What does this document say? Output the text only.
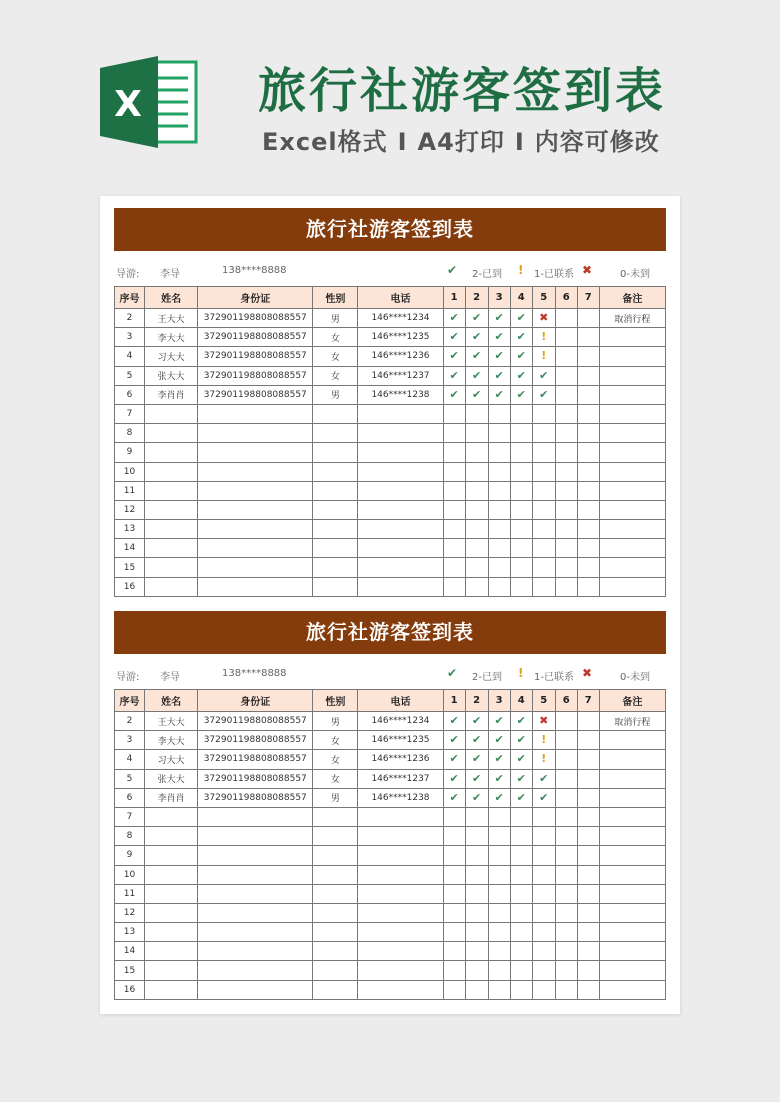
X 旅行社游客签到表
Excel格式 I A4打印 I 内容可修改
旅行社游客签到表
导游: 李导	138****8888	✔ 2-已到 ! 1-已联系 ✖	0-未到
序号	姓名	身份证	性别	电话	1	2	3	4	5	6	7	备注
2	王大大	372901198808088557	男	146****1234	✔	✔	✔	✔	✖			取消行程
3	李大大	372901198808088557	女	146****1235	✔	✔	✔	✔	!			
4	习大大	372901198808088557	女	146****1236	✔	✔	✔	✔	!			
5	张大大	372901198808088557	女	146****1237	✔	✔	✔	✔	✔			
6	李肖肖	372901198808088557	男	146****1238	✔	✔	✔	✔	✔			
7												
8												
9												
10												
11												
12												
13												
14												
15												
16												
旅行社游客签到表
导游: 李导	138****8888	✔ 2-已到 ! 1-已联系 ✖	0-未到
序号	姓名	身份证	性别	电话	1	2	3	4	5	6	7	备注
2	王大大	372901198808088557	男	146****1234	✔	✔	✔	✔	✖			取消行程
3	李大大	372901198808088557	女	146****1235	✔	✔	✔	✔	!			
4	习大大	372901198808088557	女	146****1236	✔	✔	✔	✔	!			
5	张大大	372901198808088557	女	146****1237	✔	✔	✔	✔	✔			
6	李肖肖	372901198808088557	男	146****1238	✔	✔	✔	✔	✔			
7												
8												
9												
10												
11												
12												
13												
14												
15												
16												
